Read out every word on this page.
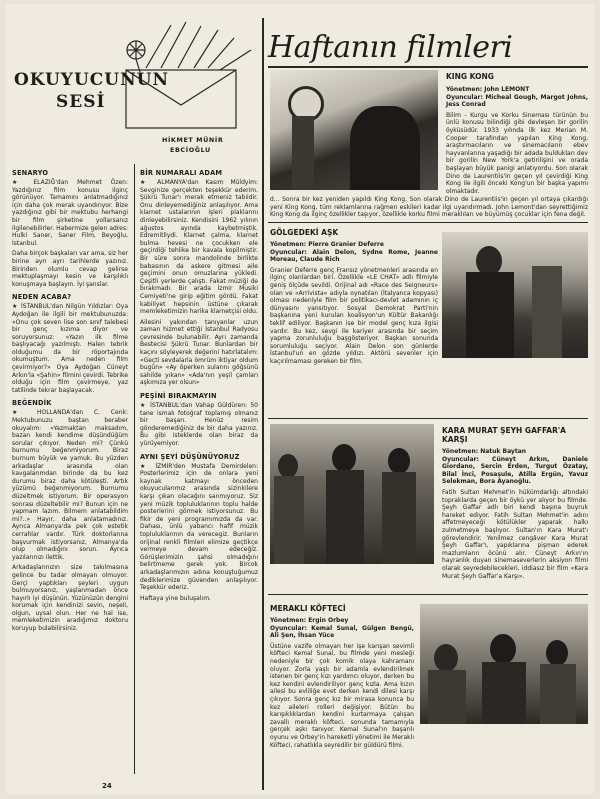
OKUYUCUNUN
SESİ
HİKMET MÜNİR
EBCİOĞLU
SENARYO

★ ELAZIĞ'dan Mehmet Özen: Yazdığınız film konusu ilginç görünüyor. Tamamını anlatmadığınız için daha çok merak uyandırıyor. Bize yazdığınız gibi bir mektubu herhangi bir film şirketine yollarsanız ilgilenebilirler. Habermize gelen adres: Hulki Saner, Saner Film, Beyoğlu, İstanbul.

Daha birçok başkaları var ama, siz her birine ayrı ayrı tarihlerde yazınız. Birinden olumlu cevap gelirse mektuplaşmayı kesin ve karşılıklı konuşmaya başlayın. İyi şanslar.

NEDEN ACABA?

★ İSTANBUL'dan Nilgün Yıldızlar: Oya Aydoğan ile ilgili bir mektubunuzda: «Onu çok seven lise son sınıf talebesi bir genç kızıma diyor ve soruyorsunuz: «Yazın ilk filme başlıyacağı yazılmıştı. Halen tebrik olduğumu da bir röportajında okumuştum. Ama neden film çevirmiyor?» Oya Aydoğan Cüneyt Arkın'la «Şahin» filmini çevirdi. Tebrike olduğu için film çevirmeye, yaz tatilinde tekrar başlayacak.

BEĞENDİK

★ HOLLANDA'dan C. Cenk: Mektubunuzu baştan beraber okuyalım: «Yazmaktan maksadım, bazan kendi kendime düşündüğüm sorular çıkıyor. Neden mi? Çünkü burnumu beğenmiyorum. Biraz burnum büyük ve yamuk. Bu yüzden arkadaşlar arasında olan kavgalarımdan birinde da bu kez durumu biraz daha kötüleşti. Artık yüzümü beğenmiyorum. Burnumu düzeltmek istiyorum. Bir operasyon sonrası düzeltebilir mi? Bunun için ne yapmam lazım. Bilmem anlatabildim mi?..» Hayır, daha anlatamadınız. Ayrıca Almanya'da pek çok estetik cerrahlar vardır. Türk doktorlarına başvurmak istiyorsanız, Almanya'da olup olmadığını sorun. Ayrıca yazılarınızı ilettik.

Arkadaşlarınızın size takılmasına gelince bu tadar olmayan olmuyor. Gerçi yaptıkları şeyleri uygun bulmuyorsanız, yaşlanmadan önce hayırlı iyi düşünün. Yüzünüzün dengini korumak için kendinizi sevin, neşeli, olgun, uysal olun. Her ne hal ise, memleketimizin aradığımız doktoru koruyup bulabilirsiniz.

BİR NUMARALI ADAM

★ ALMANYA'dan Kasım Müldyim: Sevginize gerçekten teşekkür ederim. Şükrü Tunar'ı merak etmeniz tabiidir. Onu dinleyemediğiniz anlaşılıyor. Ama klarnet ustalarının işleri plaklarını dinleyebilirsiniz. Kendisini 1962 yılının ağustos ayında kaybetmiştik. Edremitliydi. Klarnet çalma, klarnet bulma hevesi ne çocukken ele geçirdiği tehlike bir kavala kopilmiştir. Bir süre sonra mandolinde birlikte babasının da askere gitmesi aile geçimini onun omuzlarına yükledi. Çeşitli yerlerde çalıştı. Fakat müziği de bırakmadı. Bir arada İzmir Musiki Cemiyeti'ne girip eğitim gördü. Fakat kabiliyet hepsinin üstüne çıkarak memleketimizin harika klarnetçisi oldu.

Ailesini yakından tanıyanlar uzun zaman hizmet ettiği İstanbul Radyosu çevresinde bulunabilir. Ayrı zamanda Bestecisi Şükrü Tunar. Bunlardan bir kaçını söyleyerek değerini hatırlatalım: «Geçti sevdalarla ömrüm iktiyar oldum bugün» «Ay öperken sularını göğsünü sahilde yıkan» «Ada'nın yeşil çamları aşkımıza yer olsun»

PEŞİNİ BIRAKMAYIN

★ İSTANBUL'dan Vahap Güldüren: 50 tane ismalı fotoğraf toplamış olmanız bir başarı. Henüz resim gönderemediğiniz de bir daha yazınız. Bu gibi isteklerde olan biraz da yürüyemiyor.

AYNI ŞEYİ DÜŞÜNÜYORUZ

★ İZMİR'den Mustafa Demirdelen: Posterlerimiz için de onlara yeni kaynak katmayı önceden okuyucularımız arasında sizinkilere karşı çıkan olacağını sanmıyoruz. Siz yeni müzik topluluklarının toplu halde posterlerini görmek istiyorsunuz. Bu fikir de yeni programımızda da var. Dahası, ünlü yabancı hafif müzik topluluklarının da verecegiz. Bunların orijinal renkli filmleri elimize geçtikçe vermeye devam edeceğiz. Görüşlerimizin şahsi olmadığını belirtmeme gerek yok. Bircok arkadaşlarımızın adına konuştuğumuz dediklerimize güvenden anlaşılıyor. Teşekkür ederiz.

Haftaya yine buluşalım.

Haftanın filmleri
KING KONG

Yönetmen: John LEMONT
Oyuncular: Micheal Gough, Margot Johns, Jess Conrad

Bilim - Kurgu ve Korku Sineması türünün bu ünlü konusu bilindiği gibi devleşen bir gorilin öyküsüdür. 1933 yılında ilk kez Merian M. Cooper tarafından yapılan King Kong, araştırmacıların ve sinemacıların ebev hayvanlarına yaşadığı bir adada buldukları dev bir gorilin New York'a getirilişini ve orada başlayan büyük panigi anlatıyordu. Son olarak Dino de Laurentiis'in geçen yıl çevirdiği King Kong ile ilgili önceki Kong'un bir başka yapımı olmaktadır.

d... Sonra bir kez yeniden yapıldı King Kong. Son olarak Dino de Laurentiis'in geçen yıl ortaya çıkardığı yeni King Kong, tüm reklamlarına rağmen eskileri kadar ilgi uyandırmadı. John Lemont'dan seyrettiğimiz King Kong da ilginç özellikler taşıyor, özellikle korku filmi meraklıları ve büyümüş çocuklar için fena değil.

GÖLGEDEKİ AŞK

Yönetmen: Pierre Granier Deferre
Oyuncular: Alain Delon, Sydne Rome, Jeanne Moreau, Claude Rich

Granier Deferre genç Fransız yönetmenleri arasında en ilginç olanlardan biri. Özellikle «LE CHAT» adlı filmiyle geniş ölçüde sevildi. Orijinal adı «Race des Seigneurs» olan ve «Arrivista» adıyla oynatılan (İtalyanca kopyası) olması nedeniyle film bir politikacı-devlet adamının iç dünyasını yansıtıyor. Sosyal Demokrat Parti'nin başkanına yeni kurulan koalisyon'un Kültür Bakanlığı teklif ediliyor. Başkanın ise bir model genç kıza ilgisi vardır. Bu kez, sevgi ile kariyer arasında bir seçim yapma zorunluluğu başgösteriyor. Başkan sonunda sorumluluğu seçiyor. Alain Delon son günlerde İstanbul'un en gözde yıldızı. Aktörü sevenler için kaçırılmaması gereken bir film.

KARA MURAT ŞEYH GAFFAR'A KARŞI

Yönetmen: Natuk Baytan
Oyuncular: Cüneyt Arkın, Daniele Giordano, Sercin Erden, Turgut Özatay, Bilal İnci, Posaşule, Atilla Ergün, Yavuz Selekman, Bora Ayanoğlu.

Fatih Sultan Mehmet'in hükümdarlığı altındaki topraklarda geçen bir öykü yer alıyor bu filmde. Şeyh Gaffar adlı biri kendi başına buyruk hareket ediyor. Fatih Sultan Mehmet'in adını affetmeyeceği kötülükler yaparak halkı zulmetmeye başlıyor. Sultan'ın Kara Murat'ı görevlendirir. Yenilmez cengâver Kara Murat Şeyh Gaffar'ı, yapıklarına pişman ederek mazlumların öcünü alır. Cüneyt Arkın'ın hayranlık duyan sinemaseverlerin aksiyon filmi olarak seyredebilecekleri, iddiasız bir film «Kara Murat Şeyh Gaffar'a Karşı».

MERAKLI KÖFTECİ

Yönetmen: Ergin Orbey
Oyuncular: Kemal Sunal, Gülgen Bengü, Ali Şen, İhsan Yüce

Üstüne vazife olmayan her işe karışan sevimli köfteci Kemal Sunal, bu filmde yeni mesleği nedeniyle bir çok komik olaya kahramanı oluyor. Zorla yaşlı bir adamla evlendirilmek istenen bir genç kızı yardımcı oluyor, derken bu kez kendini evlendiriliyor genç kızla. Ama kızın ailesi bu evliliğe evet derken kendi dilesi karşı çıkıyor. Sonra genç kız bir mirasa konunca bu kez aileleri rolleri değişiyor. Bütün bu karışıklıklardan kendini kurtarmaya çalışan zavallı meraklı köfteci, sonunda tamamıyla gerçek aşkı tanıyor. Kemal Sunal'ın başarılı oyunu ve Orbey'in hareketli yönetimi ile Meraklı Köfteci, rahatlıkla seyredilir bir güldürü filmi.

24
